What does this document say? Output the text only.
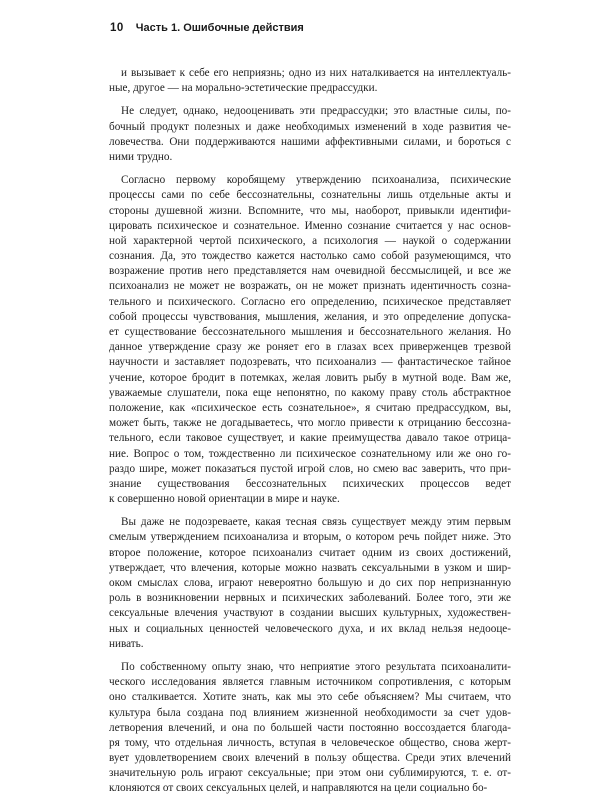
10 Часть 1. Ошибочные действия
и вызывает к себе его неприязнь; одно из них наталкивается на интеллектуаль-
ные, другое — на морально-эстетические предрассудки.
Не следует, однако, недооценивать эти предрассудки; это властные силы, по-
бочный продукт полезных и даже необходимых изменений в ходе развития че-
ловечества. Они поддерживаются нашими аффективными силами, и бороться с
ними трудно.
Согласно первому коробящему утверждению психоанализа, психические
процессы сами по себе бессознательны, сознательны лишь отдельные акты и
стороны душевной жизни. Вспомните, что мы, наоборот, привыкли идентифи-
цировать психическое и сознательное. Именно сознание считается у нас основ-
ной характерной чертой психического, а психология — наукой о содержании
сознания. Да, это тождество кажется настолько само собой разумеющимся, что
возражение против него представляется нам очевидной бессмыслицей, и все же
психоанализ не может не возражать, он не может признать идентичность созна-
тельного и психического. Согласно его определению, психическое представляет
собой процессы чувствования, мышления, желания, и это определение допуска-
ет существование бессознательного мышления и бессознательного желания. Но
данное утверждение сразу же роняет его в глазах всех приверженцев трезвой
научности и заставляет подозревать, что психоанализ — фантастическое тайное
учение, которое бродит в потемках, желая ловить рыбу в мутной воде. Вам же,
уважаемые слушатели, пока еще непонятно, по какому праву столь абстрактное
положение, как «психическое есть сознательное», я считаю предрассудком, вы,
может быть, также не догадываетесь, что могло привести к отрицанию бессозна-
тельного, если таковое существует, и какие преимущества давало такое отрица-
ние. Вопрос о том, тождественно ли психическое сознательному или же оно го-
раздо шире, может показаться пустой игрой слов, но смею вас заверить, что при-
знание существования бессознательных психических процессов ведет
к совершенно новой ориентации в мире и науке.
Вы даже не подозреваете, какая тесная связь существует между этим первым
смелым утверждением психоанализа и вторым, о котором речь пойдет ниже. Это
второе положение, которое психоанализ считает одним из своих достижений,
утверждает, что влечения, которые можно назвать сексуальными в узком и шир-
оком смыслах слова, играют невероятно большую и до сих пор непризнанную
роль в возникновении нервных и психических заболеваний. Более того, эти же
сексуальные влечения участвуют в создании высших культурных, художествен-
ных и социальных ценностей человеческого духа, и их вклад нельзя недооце-
нивать.
По собственному опыту знаю, что неприятие этого результата психоаналити-
ческого исследования является главным источником сопротивления, с которым
оно сталкивается. Хотите знать, как мы это себе объясняем? Мы считаем, что
культура была создана под влиянием жизненной необходимости за счет удов-
летворения влечений, и она по большей части постоянно воссоздается благода-
ря тому, что отдельная личность, вступая в человеческое общество, снова жерт-
вует удовлетворением своих влечений в пользу общества. Среди этих влечений
значительную роль играют сексуальные; при этом они сублимируются, т. е. от-
клоняются от своих сексуальных целей, и направляются на цели социально бо-
